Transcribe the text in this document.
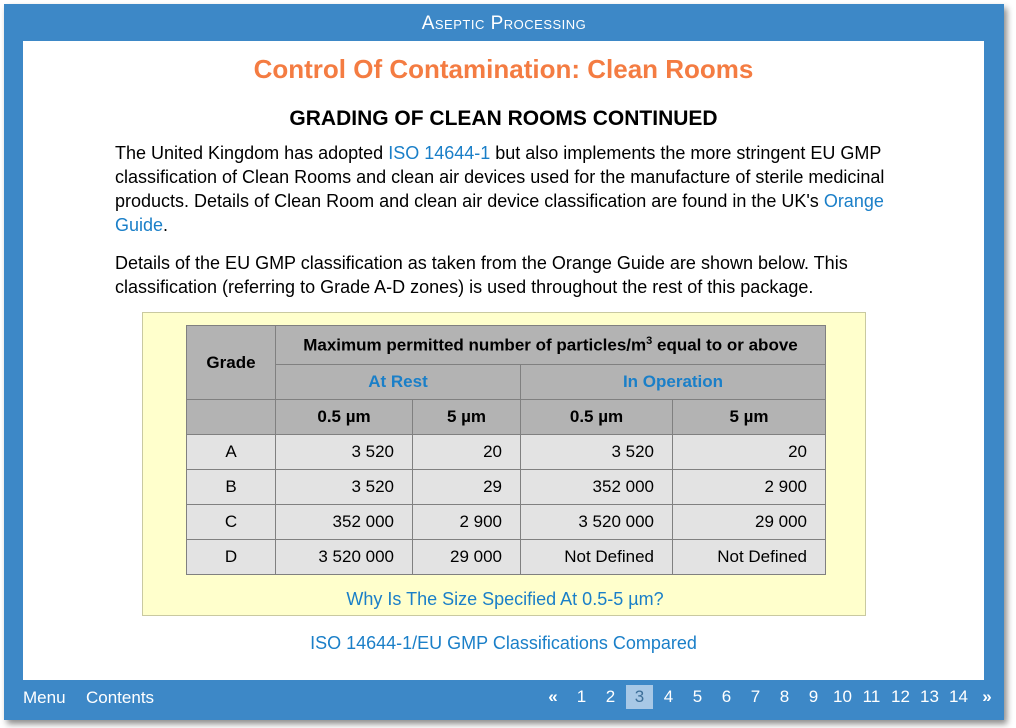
Aseptic Processing
Control Of Contamination: Clean Rooms
GRADING OF CLEAN ROOMS CONTINUED

The United Kingdom has adopted ISO 14644-1 but also implements the more stringent EU GMP classification of Clean Rooms and clean air devices used for the manufacture of sterile medicinal products. Details of Clean Room and clean air device classification are found in the UK's Orange Guide.

Details of the EU GMP classification as taken from the Orange Guide are shown below. This classification (referring to Grade A-D zones) is used throughout the rest of this package.

Grade	Maximum permitted number of particles/$m^3$ equal to or above			
	At Rest		In Operation	
	0.5 µm	5 µm	0.5 µm	5 µm
A	3 520	20	3 520	20
B	3 520	29	352 000	2 900
C	352 000	2 900	3 520 000	29 000
D	3 520 000	29 000	Not Defined	Not Defined
Why Is The Size Specified At 0.5-5 µm?
ISO 14644-1/EU GMP Classifications Compared
Menu Contents	«	1	2	3	4	5	6	7	8	9 10 11 12 13 14 »
